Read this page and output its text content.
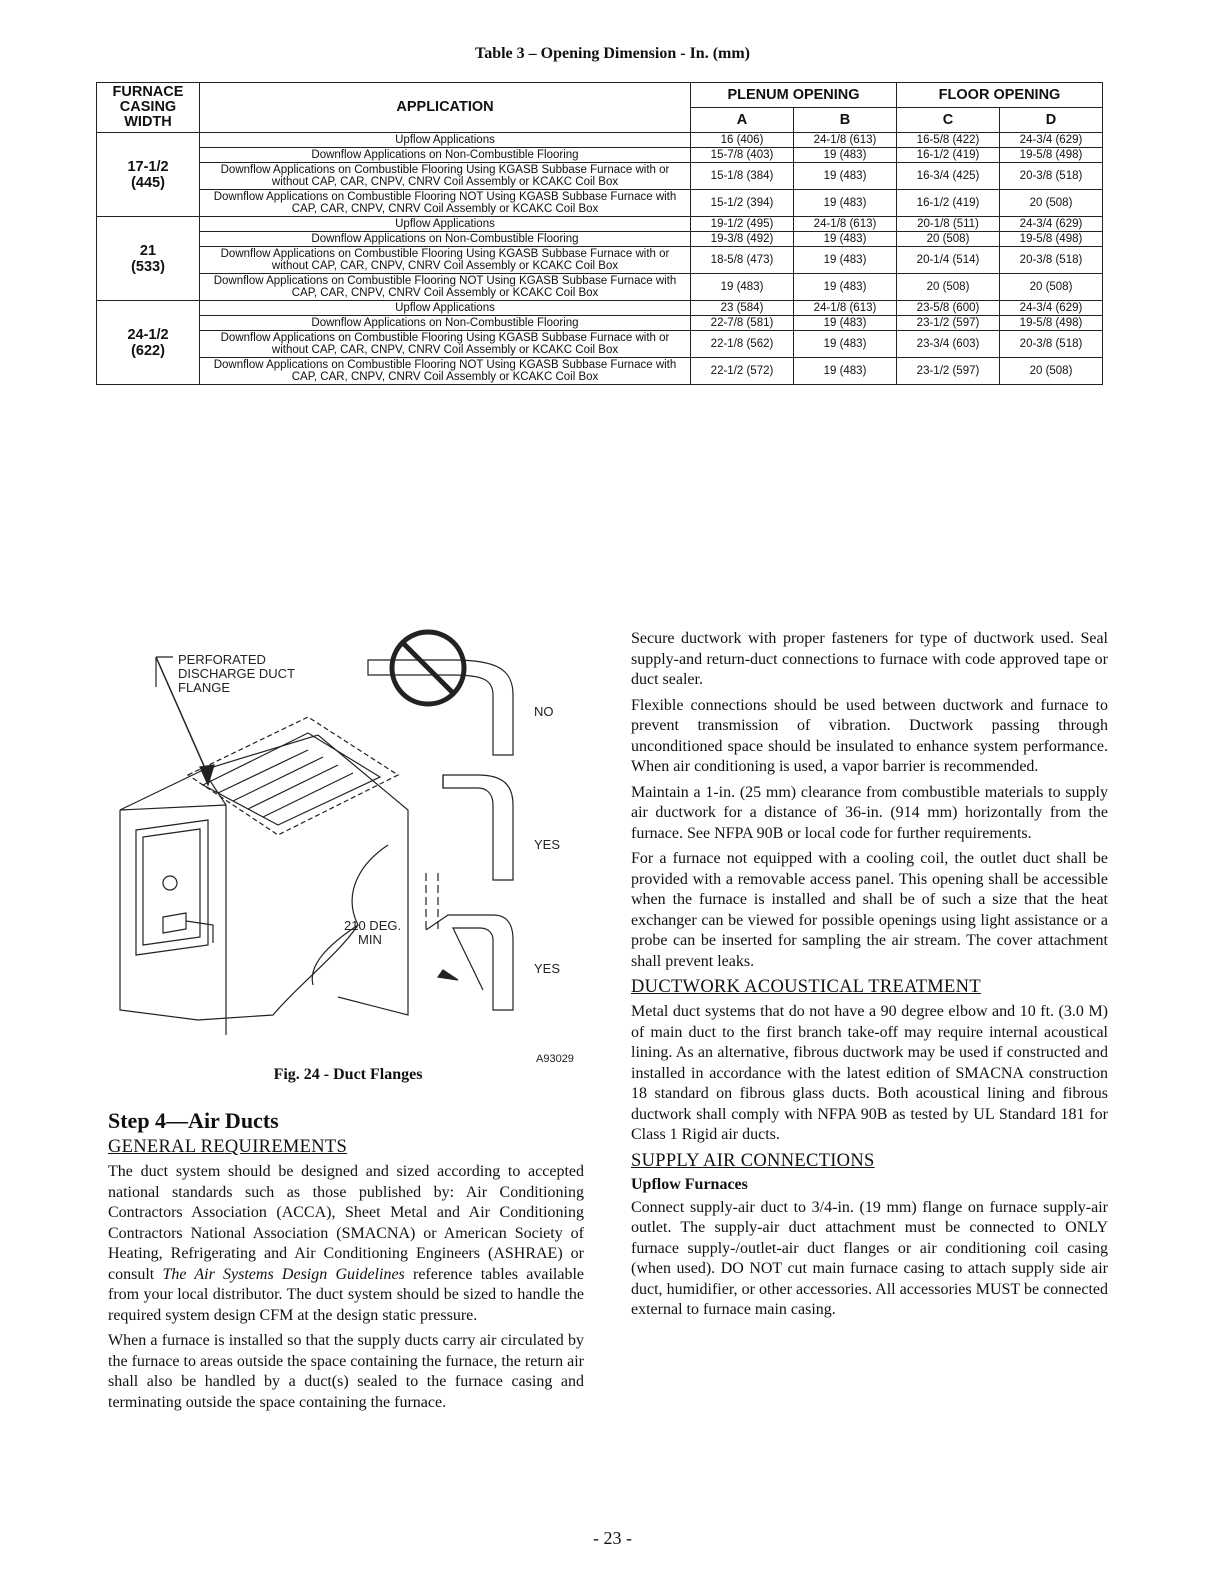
Table 3 – Opening Dimension - In. (mm)
FURNACE CASING WIDTH	APPLICATION	PLENUM OPENING		FLOOR OPENING	
		A	B	C	D

17-1/2
(445)	Upflow Applications	16 (406)	24-1/8 (613)	16-5/8 (422)	24-3/4 (629)
	Downflow Applications on Non-Combustible Flooring	15-7/8 (403)	19 (483)	16-1/2 (419)	19-5/8 (498)
	Downflow Applications on Combustible Flooring Using KGASB Subbase Furnace with or without CAP, CAR, CNPV, CNRV Coil Assembly or KCAKC Coil Box	15-1/8 (384)	19 (483)	16-3/4 (425)	20-3/8 (518)
	Downflow Applications on Combustible Flooring NOT Using KGASB Subbase Furnace with CAP, CAR, CNPV, CNRV Coil Assembly or KCAKC Coil Box	15-1/2 (394)	19 (483)	16-1/2 (419)	20 (508)

21
(533)	Upflow Applications	19-1/2 (495)	24-1/8 (613)	20-1/8 (511)	24-3/4 (629)
	Downflow Applications on Non-Combustible Flooring	19-3/8 (492)	19 (483)	20 (508)	19-5/8 (498)
	Downflow Applications on Combustible Flooring Using KGASB Subbase Furnace with or without CAP, CAR, CNPV, CNRV Coil Assembly or KCAKC Coil Box	18-5/8 (473)	19 (483)	20-1/4 (514)	20-3/8 (518)
	Downflow Applications on Combustible Flooring NOT Using KGASB Subbase Furnace with CAP, CAR, CNPV, CNRV Coil Assembly or KCAKC Coil Box	19 (483)	19 (483)	20 (508)	20 (508)

24-1/2
(622)	Upflow Applications	23 (584)	24-1/8 (613)	23-5/8 (600)	24-3/4 (629)
	Downflow Applications on Non-Combustible Flooring	22-7/8 (581)	19 (483)	23-1/2 (597)	19-5/8 (498)
	Downflow Applications on Combustible Flooring Using KGASB Subbase Furnace with or without CAP, CAR, CNPV, CNRV Coil Assembly or KCAKC Coil Box	22-1/8 (562)	19 (483)	23-3/4 (603)	20-3/8 (518)
	Downflow Applications on Combustible Flooring NOT Using KGASB Subbase Furnace with CAP, CAR, CNPV, CNRV Coil Assembly or KCAKC Coil Box	22-1/2 (572)	19 (483)	23-1/2 (597)	20 (508)
PERFORATED
DISCHARGE DUCT
FLANGE
NO
YES
YES
210 DEG.
MIN
A93029
Fig. 24 - Duct Flanges
Step 4—Air Ducts
GENERAL REQUIREMENTS

The duct system should be designed and sized according to accepted national standards such as those published by: Air Conditioning Contractors Association (ACCA), Sheet Metal and Air Conditioning Contractors National Association (SMACNA) or American Society of Heating, Refrigerating and Air Conditioning Engineers (ASHRAE) or consult The Air Systems Design Guidelines reference tables available from your local distributor. The duct system should be sized to handle the required system design CFM at the design static pressure.

When a furnace is installed so that the supply ducts carry air circulated by the furnace to areas outside the space containing the furnace, the return air shall also be handled by a duct(s) sealed to the furnace casing and terminating outside the space containing the furnace.

Secure ductwork with proper fasteners for type of ductwork used. Seal supply-and return-duct connections to furnace with code approved tape or duct sealer.

Flexible connections should be used between ductwork and furnace to prevent transmission of vibration. Ductwork passing through unconditioned space should be insulated to enhance system performance. When air conditioning is used, a vapor barrier is recommended.

Maintain a 1-in. (25 mm) clearance from combustible materials to supply air ductwork for a distance of 36-in. (914 mm) horizontally from the furnace. See NFPA 90B or local code for further requirements.

For a furnace not equipped with a cooling coil, the outlet duct shall be provided with a removable access panel. This opening shall be accessible when the furnace is installed and shall be of such a size that the heat exchanger can be viewed for possible openings using light assistance or a probe can be inserted for sampling the air stream. The cover attachment shall prevent leaks.

DUCTWORK ACOUSTICAL TREATMENT

Metal duct systems that do not have a 90 degree elbow and 10 ft. (3.0 M) of main duct to the first branch take-off may require internal acoustical lining. As an alternative, fibrous ductwork may be used if constructed and installed in accordance with the latest edition of SMACNA construction 18 standard on fibrous glass ducts. Both acoustical lining and fibrous ductwork shall comply with NFPA 90B as tested by UL Standard 181 for Class 1 Rigid air ducts.

SUPPLY AIR CONNECTIONS
Upflow Furnaces

Connect supply-air duct to 3/4-in. (19 mm) flange on furnace supply-air outlet. The supply-air duct attachment must be connected to ONLY furnace supply-/outlet-air duct flanges or air conditioning coil casing (when used). DO NOT cut main furnace casing to attach supply side air duct, humidifier, or other accessories. All accessories MUST be connected external to furnace main casing.

- 23 -
